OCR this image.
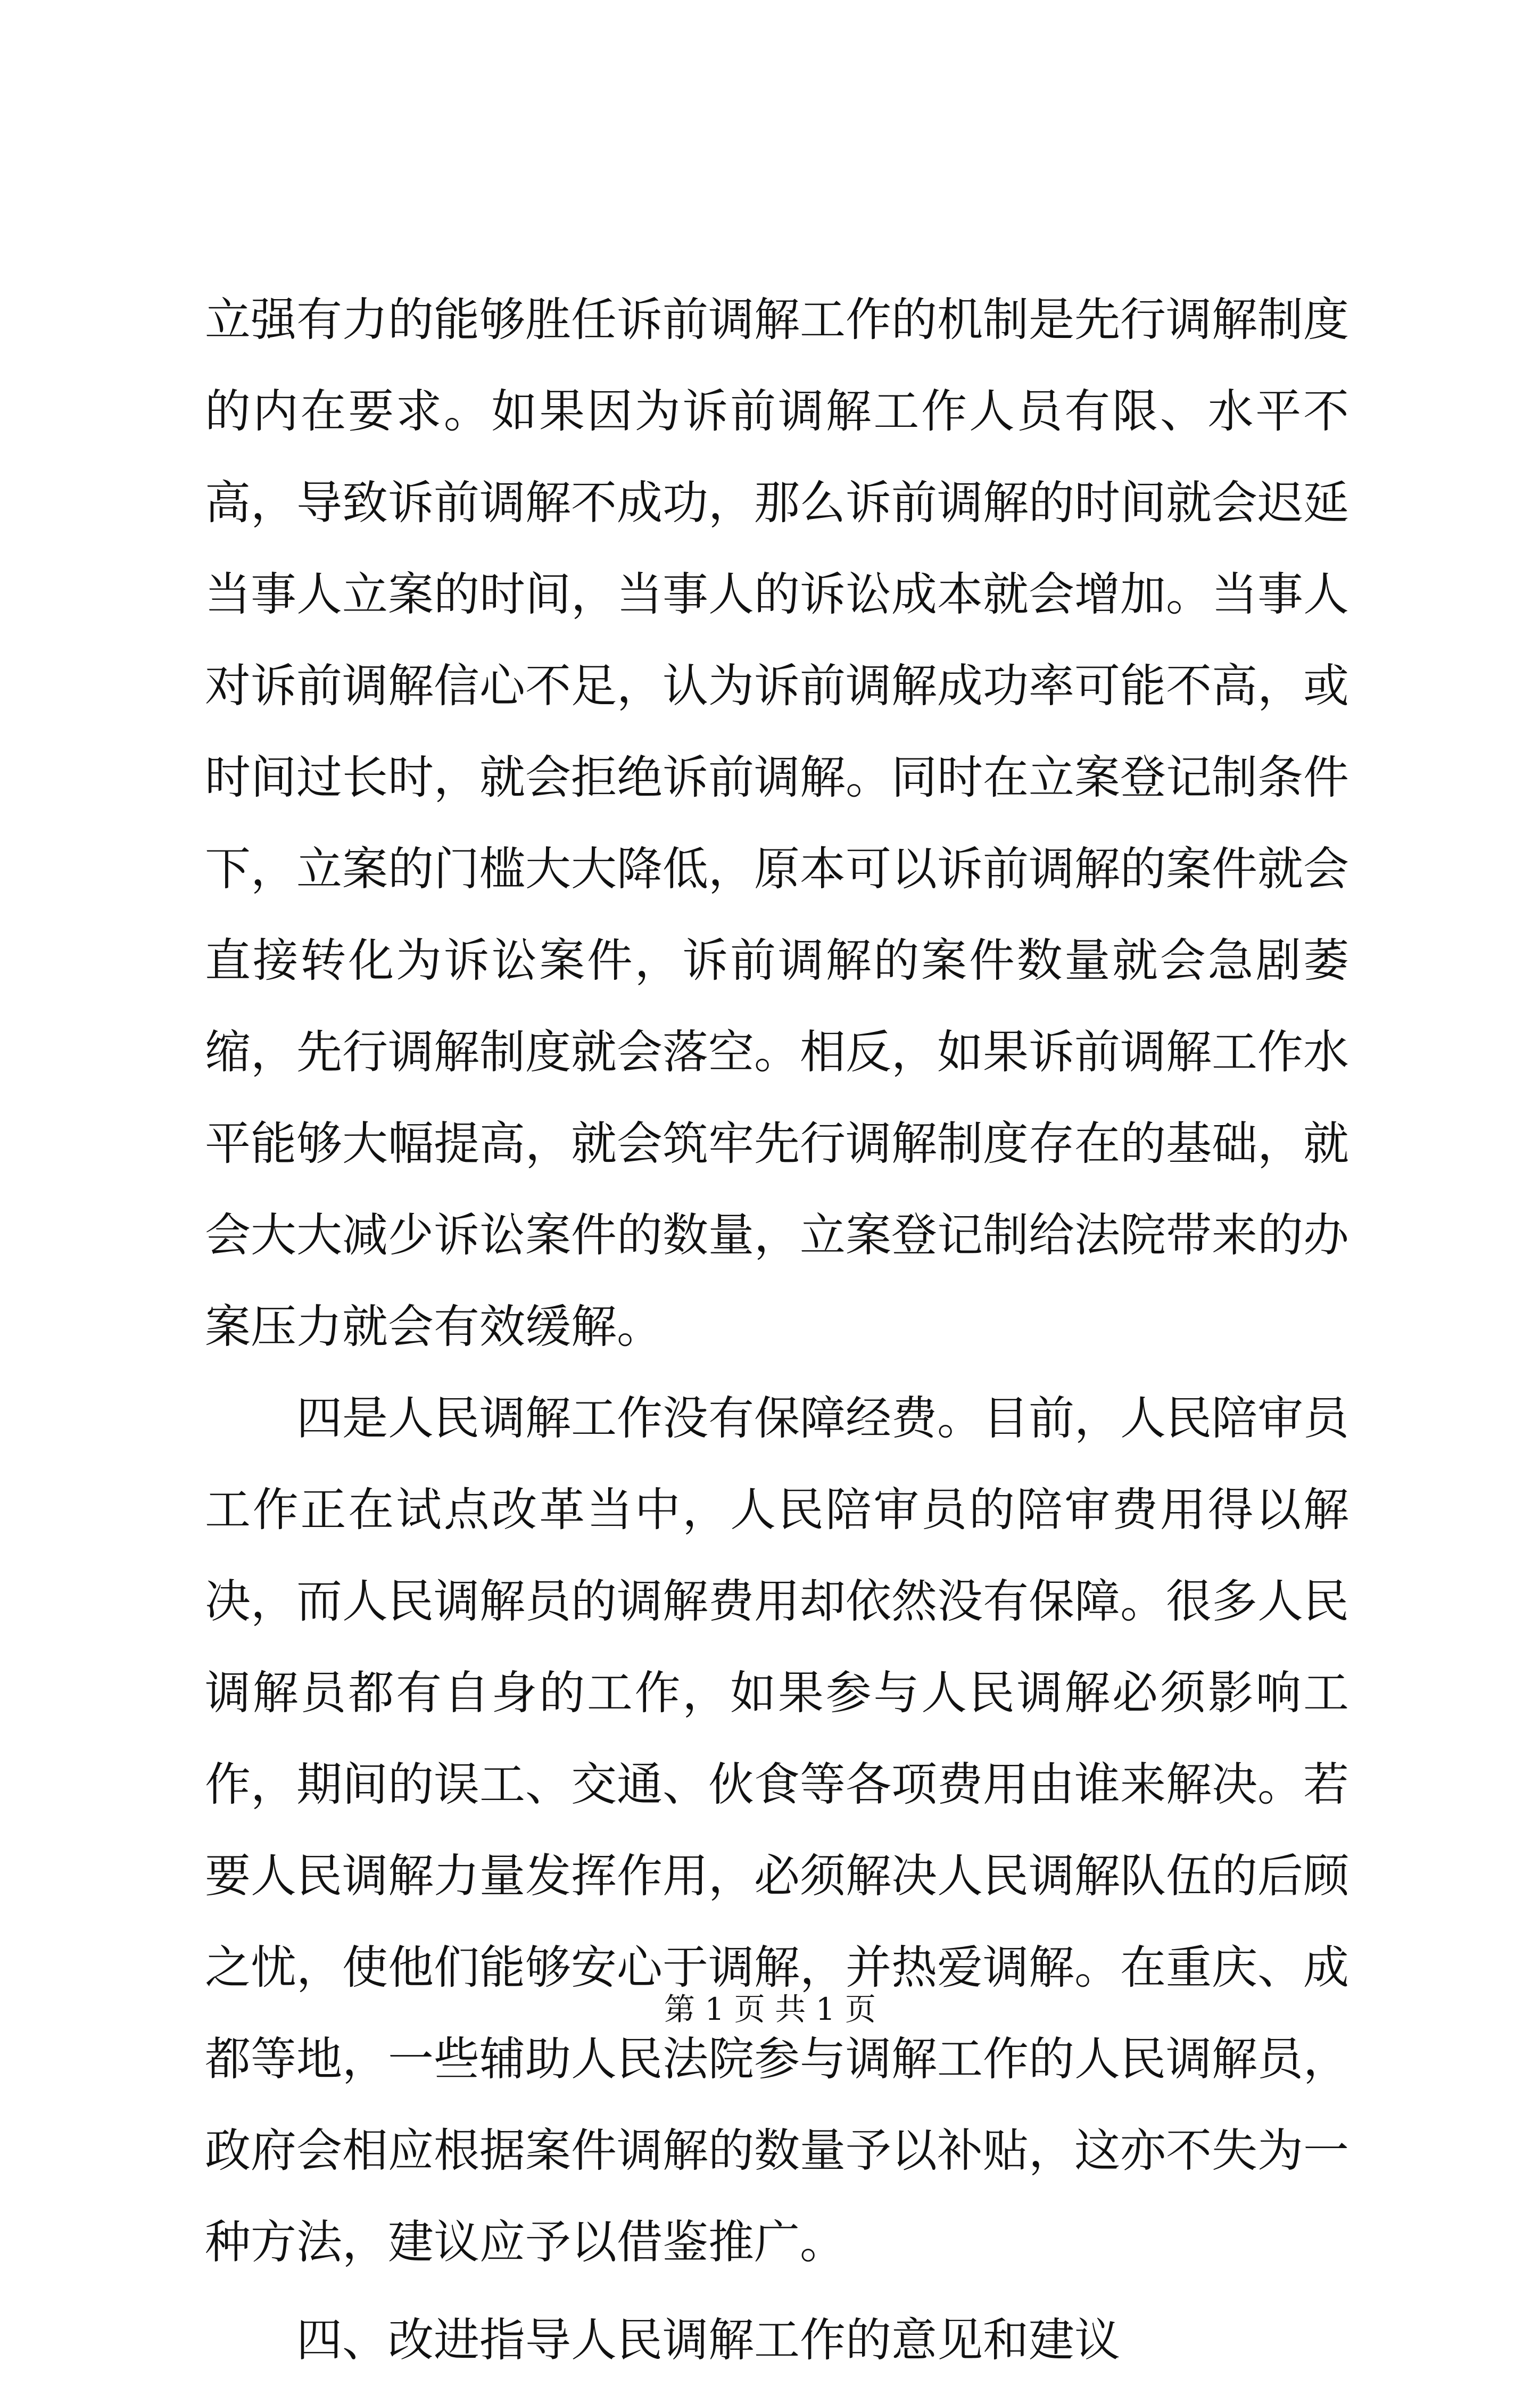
立强有力的能够胜任诉前调解工作的机制是先行调解制度的内在要求。如果因为诉前调解工作人员有限、水平不高，导致诉前调解不成功，那么诉前调解的时间就会迟延当事人立案的时间，当事人的诉讼成本就会增加。当事人对诉前调解信心不足，认为诉前调解成功率可能不高，或时间过长时，就会拒绝诉前调解。同时在立案登记制条件下，立案的门槛大大降低，原本可以诉前调解的案件就会直接转化为诉讼案件，诉前调解的案件数量就会急剧萎缩，先行调解制度就会落空。相反，如果诉前调解工作水平能够大幅提高，就会筑牢先行调解制度存在的基础，就会大大减少诉讼案件的数量，立案登记制给法院带来的办案压力就会有效缓解。

四是人民调解工作没有保障经费。目前，人民陪审员工作正在试点改革当中，人民陪审员的陪审费用得以解决，而人民调解员的调解费用却依然没有保障。很多人民调解员都有自身的工作，如果参与人民调解必须影响工作，期间的误工、交通、伙食等各项费用由谁来解决。若要人民调解力量发挥作用，必须解决人民调解队伍的后顾之忧，使他们能够安心于调解，并热爱调解。在重庆、成都等地，一些辅助人民法院参与调解工作的人民调解员，政府会相应根据案件调解的数量予以补贴，这亦不失为一种方法，建议应予以借鉴推广。

四、改进指导人民调解工作的意见和建议

第 1 页 共 1 页
